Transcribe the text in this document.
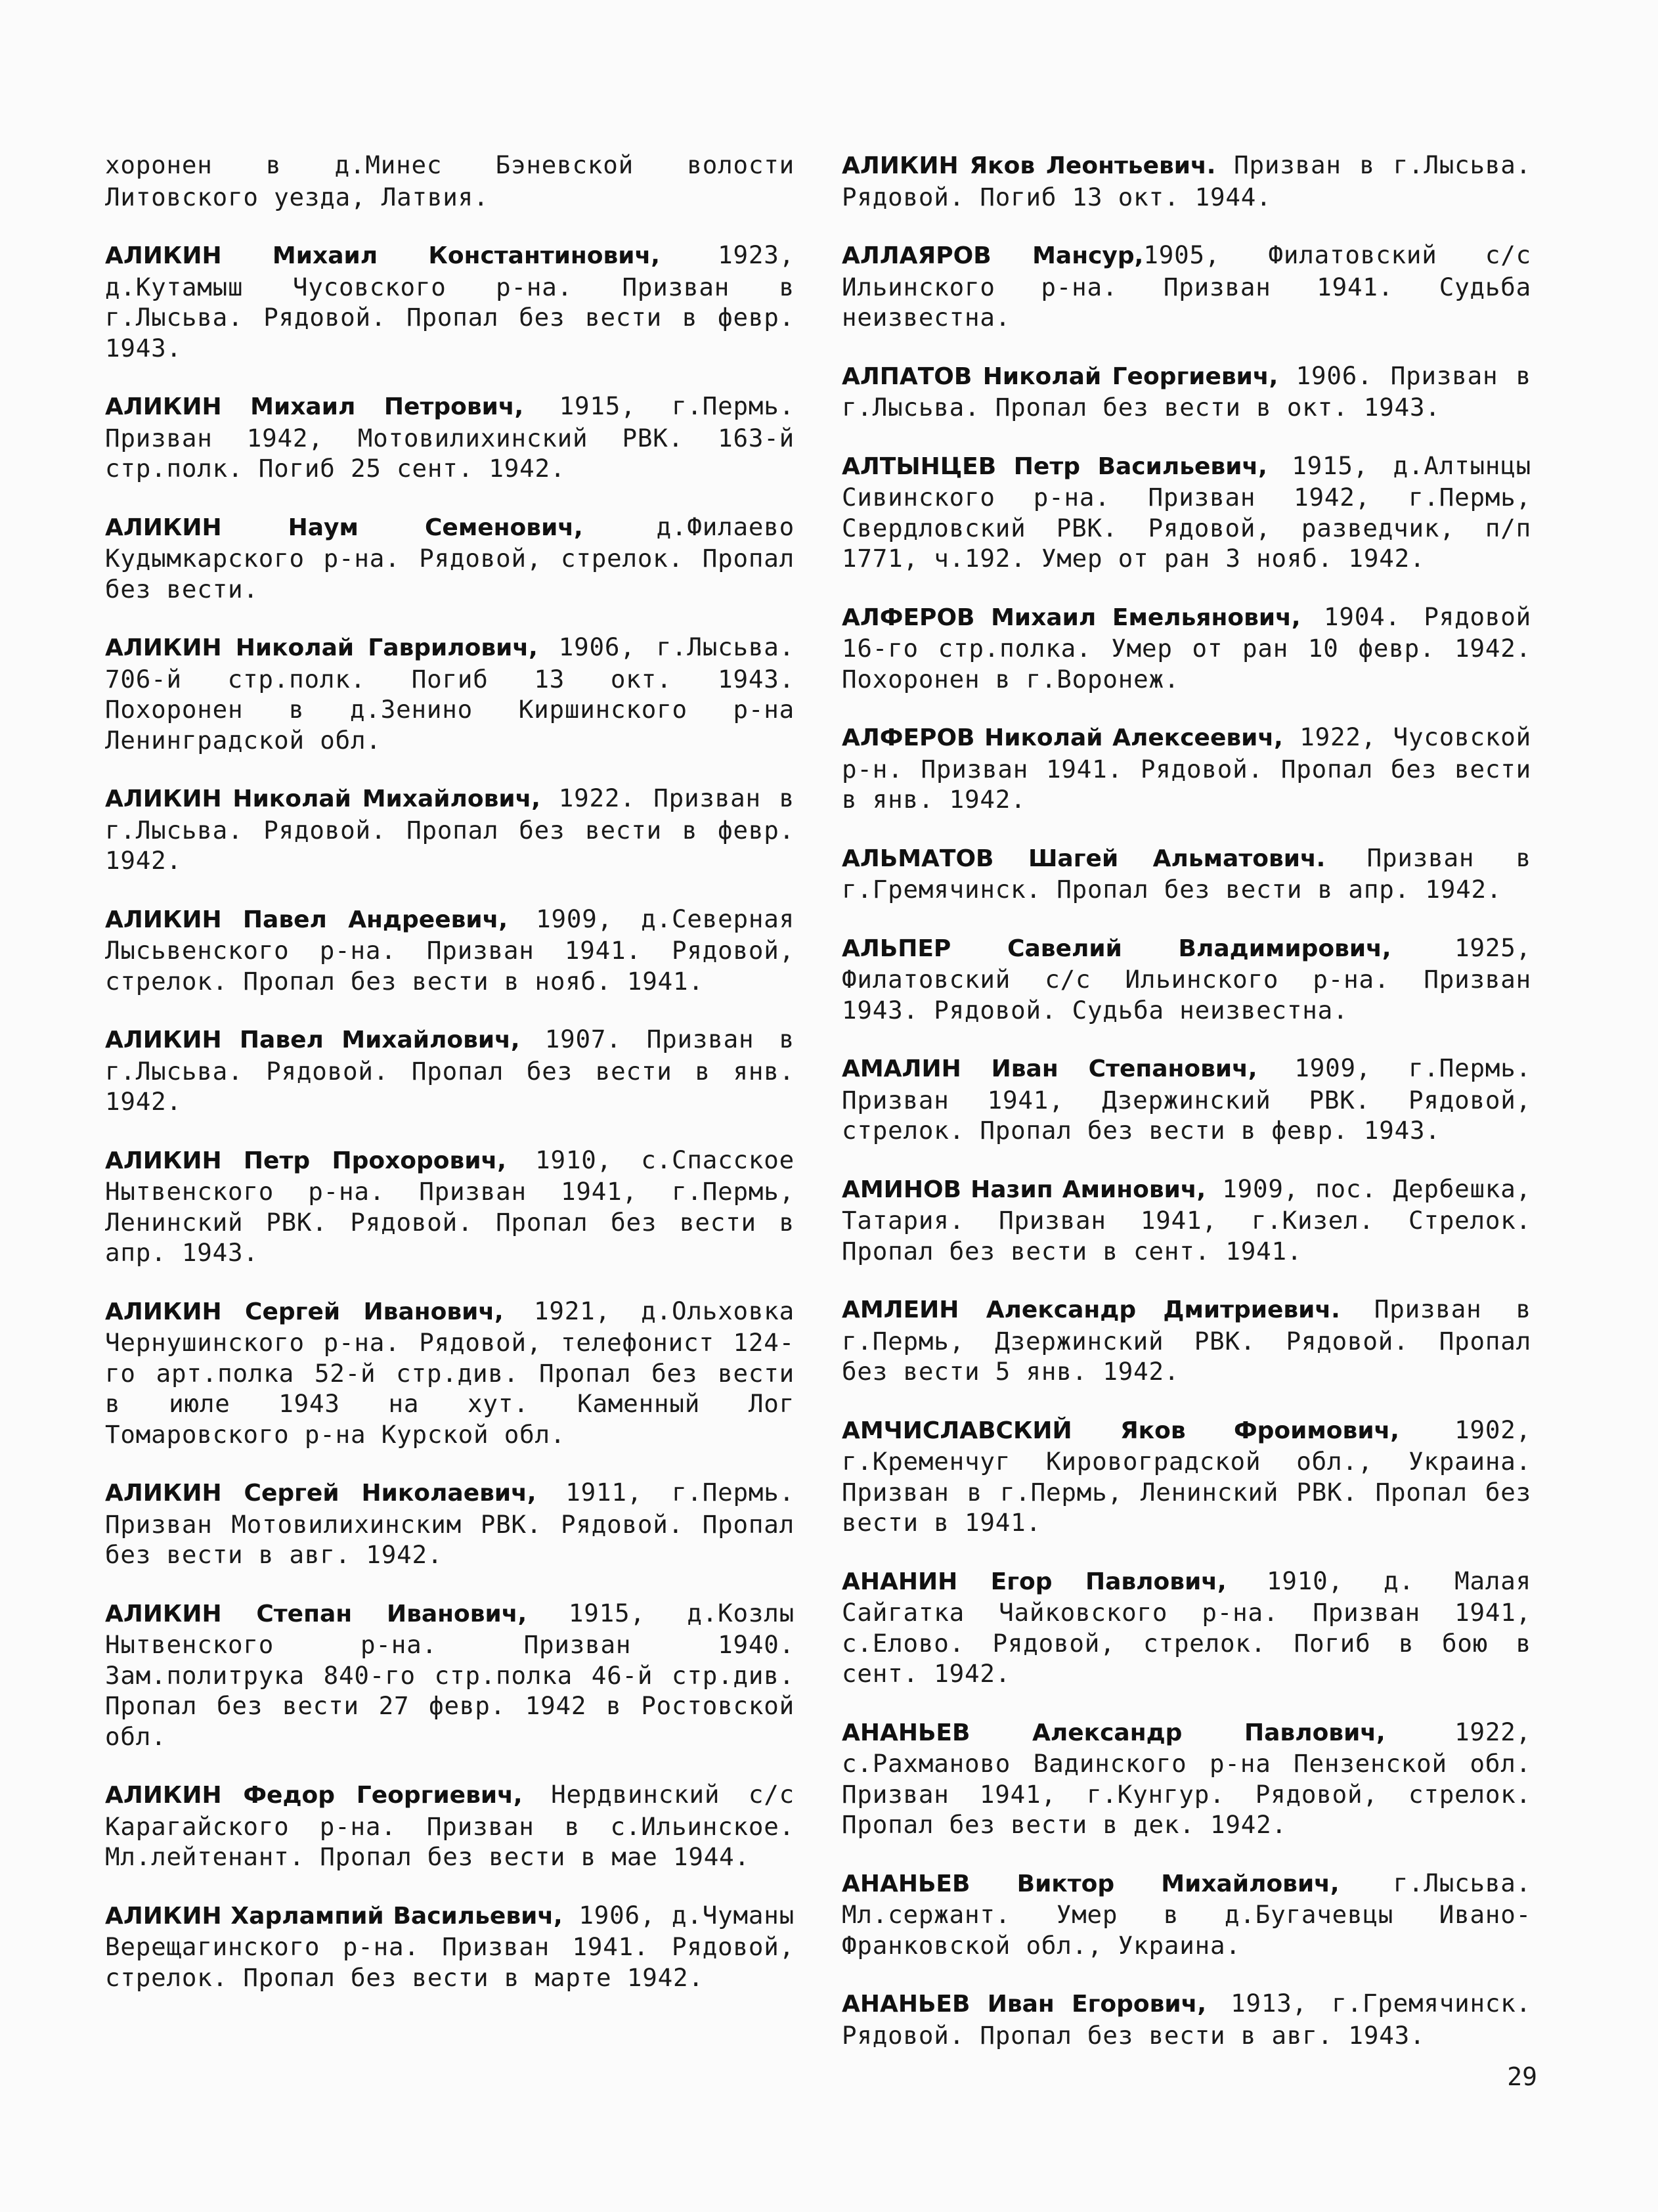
хоронен в д.Минес Бэневской волости Литовского уезда, Латвия.

АЛИКИН Михаил Константинович, 1923, д.Кутамыш Чусовского р-на. Призван в г.Лысьва. Рядовой. Пропал без вести в февр. 1943.

АЛИКИН Михаил Петрович, 1915, г.Пермь. Призван 1942, Мотовилихинский РВК. 163-й стр.полк. Погиб 25 сент. 1942.

АЛИКИН Наум Семенович, д.Филаево Кудымкарского р-на. Рядовой, стрелок. Пропал без вести.

АЛИКИН Николай Гаврилович, 1906, г.Лысьва. 706-й стр.полк. Погиб 13 окт. 1943. Похоронен в д.Зенино Киршинского р-на Ленинградской обл.

АЛИКИН Николай Михайлович, 1922. Призван в г.Лысьва. Рядовой. Пропал без вести в февр. 1942.

АЛИКИН Павел Андреевич, 1909, д.Северная Лысьвенского р-на. Призван 1941. Рядовой, стрелок. Пропал без вести в нояб. 1941.

АЛИКИН Павел Михайлович, 1907. Призван в г.Лысьва. Рядовой. Пропал без вести в янв. 1942.

АЛИКИН Петр Прохорович, 1910, с.Спасское Нытвенского р-на. Призван 1941, г.Пермь, Ленинский РВК. Рядовой. Пропал без вести в апр. 1943.

АЛИКИН Сергей Иванович, 1921, д.Ольховка Чернушинского р-на. Рядовой, телефонист 124-го арт.полка 52-й стр.див. Пропал без вести в июле 1943 на хут. Каменный Лог Томаровского р-на Курской обл.

АЛИКИН Сергей Николаевич, 1911, г.Пермь. Призван Мотовилихинским РВК. Рядовой. Пропал без вести в авг. 1942.

АЛИКИН Степан Иванович, 1915, д.Козлы Нытвенского р-на. Призван 1940. Зам.политрука 840-го стр.полка 46-й стр.див. Пропал без вести 27 февр. 1942 в Ростовской обл.

АЛИКИН Федор Георгиевич, Нердвинский с/с Карагайского р-на. Призван в с.Ильинское. Мл.лейтенант. Пропал без вести в мае 1944.

АЛИКИН Харлампий Васильевич, 1906, д.Чуманы Верещагинского р-на. Призван 1941. Рядовой, стрелок. Пропал без вести в марте 1942.

АЛИКИН Яков Леонтьевич. Призван в г.Лысьва. Рядовой. Погиб 13 окт. 1944.

АЛЛАЯРОВ Мансур,1905, Филатовский с/с Ильинского р-на. Призван 1941. Судьба неизвестна.

АЛПАТОВ Николай Георгиевич, 1906. Призван в г.Лысьва. Пропал без вести в окт. 1943.

АЛТЫНЦЕВ Петр Васильевич, 1915, д.Алтынцы Сивинского р-на. Призван 1942, г.Пермь, Свердловский РВК. Рядовой, разведчик, п/п 1771, ч.192. Умер от ран 3 нояб. 1942.

АЛФЕРОВ Михаил Емельянович, 1904. Рядовой 16-го стр.полка. Умер от ран 10 февр. 1942. Похоронен в г.Воронеж.

АЛФЕРОВ Николай Алексеевич, 1922, Чусовской р-н. Призван 1941. Рядовой. Пропал без вести в янв. 1942.

АЛЬМАТОВ Шагей Альматович. Призван в г.Гремячинск. Пропал без вести в апр. 1942.

АЛЬПЕР Савелий Владимирович, 1925, Филатовский с/с Ильинского р-на. Призван 1943. Рядовой. Судьба неизвестна.

АМАЛИН Иван Степанович, 1909, г.Пермь. Призван 1941, Дзержинский РВК. Рядовой, стрелок. Пропал без вести в февр. 1943.

АМИНОВ Назип Аминович, 1909, пос. Дербешка, Татария. Призван 1941, г.Кизел. Стрелок. Пропал без вести в сент. 1941.

АМЛЕИН Александр Дмитриевич. Призван в г.Пермь, Дзержинский РВК. Рядовой. Пропал без вести 5 янв. 1942.

АМЧИСЛАВСКИЙ Яков Фроимович, 1902, г.Кременчуг Кировоградской обл., Украина. Призван в г.Пермь, Ленинский РВК. Пропал без вести в 1941.

АНАНИН Егор Павлович, 1910, д. Малая Сайгатка Чайковского р-на. Призван 1941, с.Елово. Рядовой, стрелок. Погиб в бою в сент. 1942.

АНАНЬЕВ Александр Павлович, 1922, с.Рахманово Вадинского р-на Пензенской обл. Призван 1941, г.Кунгур. Рядовой, стрелок. Пропал без вести в дек. 1942.

АНАНЬЕВ Виктор Михайлович, г.Лысьва. Мл.сержант. Умер в д.Бугачевцы Ивано-Франковской обл., Украина.

АНАНЬЕВ Иван Егорович, 1913, г.Гремячинск. Рядовой. Пропал без вести в авг. 1943.

29
